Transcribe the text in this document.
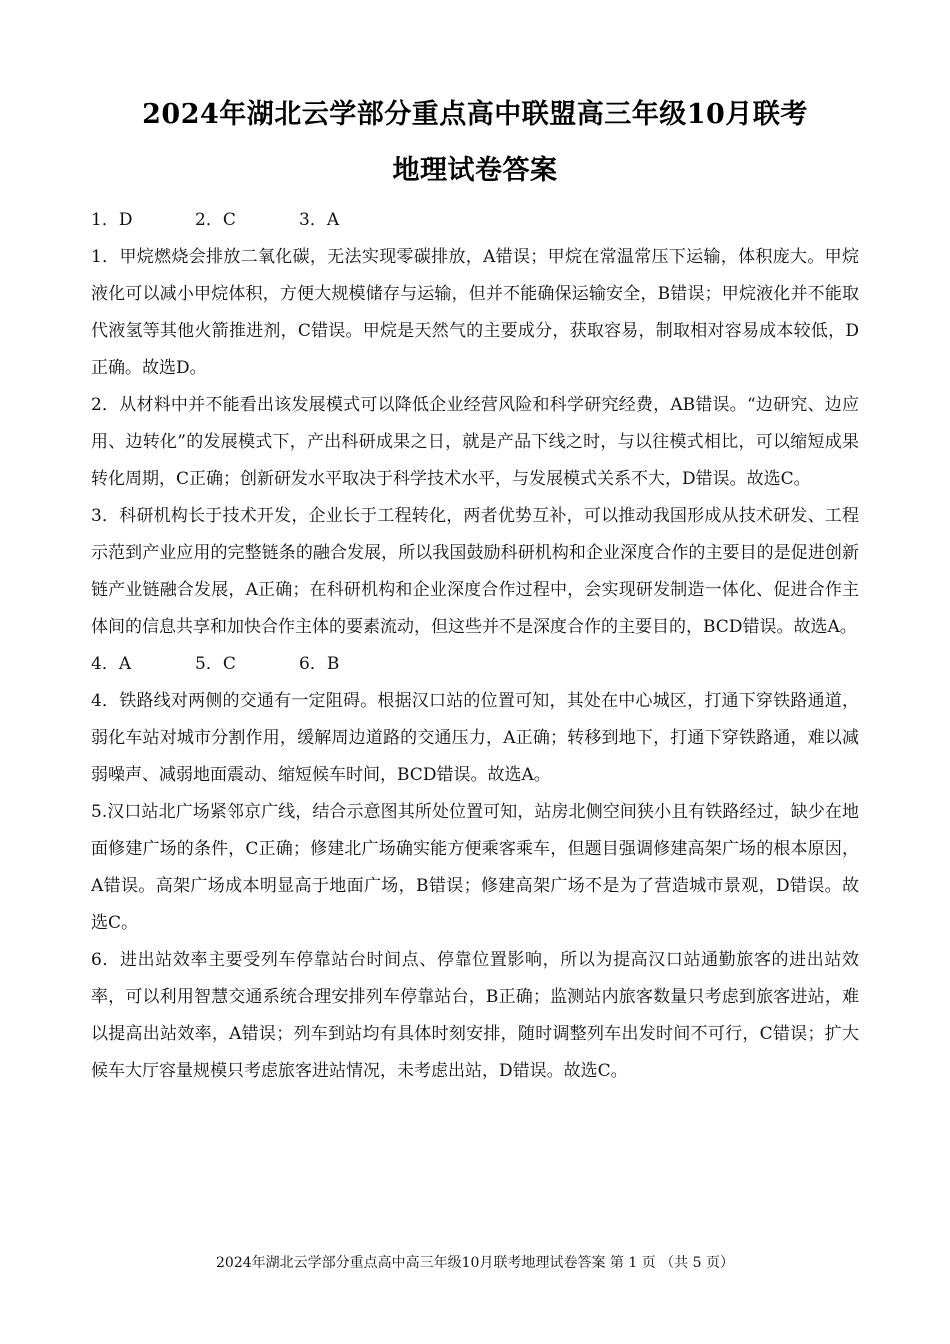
2024年湖北云学部分重点高中联盟高三年级10月联考
地理试卷答案

1．D	2．C	3．A

1．甲烷燃烧会排放二氧化碳，无法实现零碳排放，A错误；甲烷在常温常压下运输，体积庞大。甲烷液化可以减小甲烷体积，方便大规模储存与运输，但并不能确保运输安全，B错误；甲烷液化并不能取代液氢等其他火箭推进剂，C错误。甲烷是天然气的主要成分，获取容易，制取相对容易成本较低，D正确。故选D。

2．从材料中并不能看出该发展模式可以降低企业经营风险和科学研究经费，AB错误。“边研究、边应用、边转化”的发展模式下，产出科研成果之日，就是产品下线之时，与以往模式相比，可以缩短成果转化周期，C正确；创新研发水平取决于科学技术水平，与发展模式关系不大，D错误。故选C。

3．科研机构长于技术开发，企业长于工程转化，两者优势互补，可以推动我国形成从技术研发、工程示范到产业应用的完整链条的融合发展，所以我国鼓励科研机构和企业深度合作的主要目的是促进创新链产业链融合发展，A正确；在科研机构和企业深度合作过程中，会实现研发制造一体化、促进合作主体间的信息共享和加快合作主体的要素流动，但这些并不是深度合作的主要目的，BCD错误。故选A。

4．A	5．C	6．B

4．铁路线对两侧的交通有一定阻碍。根据汉口站的位置可知，其处在中心城区，打通下穿铁路通道，弱化车站对城市分割作用，缓解周边道路的交通压力，A正确；转移到地下，打通下穿铁路通，难以减弱噪声、减弱地面震动、缩短候车时间，BCD错误。故选A。

5.汉口站北广场紧邻京广线，结合示意图其所处位置可知，站房北侧空间狭小且有铁路经过，缺少在地面修建广场的条件，C正确；修建北广场确实能方便乘客乘车，但题目强调修建高架广场的根本原因，A错误。高架广场成本明显高于地面广场，B错误；修建高架广场不是为了营造城市景观，D错误。故选C。

6．进出站效率主要受列车停靠站台时间点、停靠位置影响，所以为提高汉口站通勤旅客的进出站效率，可以利用智慧交通系统合理安排列车停靠站台，B正确；监测站内旅客数量只考虑到旅客进站，难以提高出站效率，A错误；列车到站均有具体时刻安排，随时调整列车出发时间不可行，C错误；扩大候车大厅容量规模只考虑旅客进站情况，未考虑出站，D错误。故选C。

2024年湖北云学部分重点高中高三年级10月联考地理试卷答案 第 1 页 （共 5 页）
